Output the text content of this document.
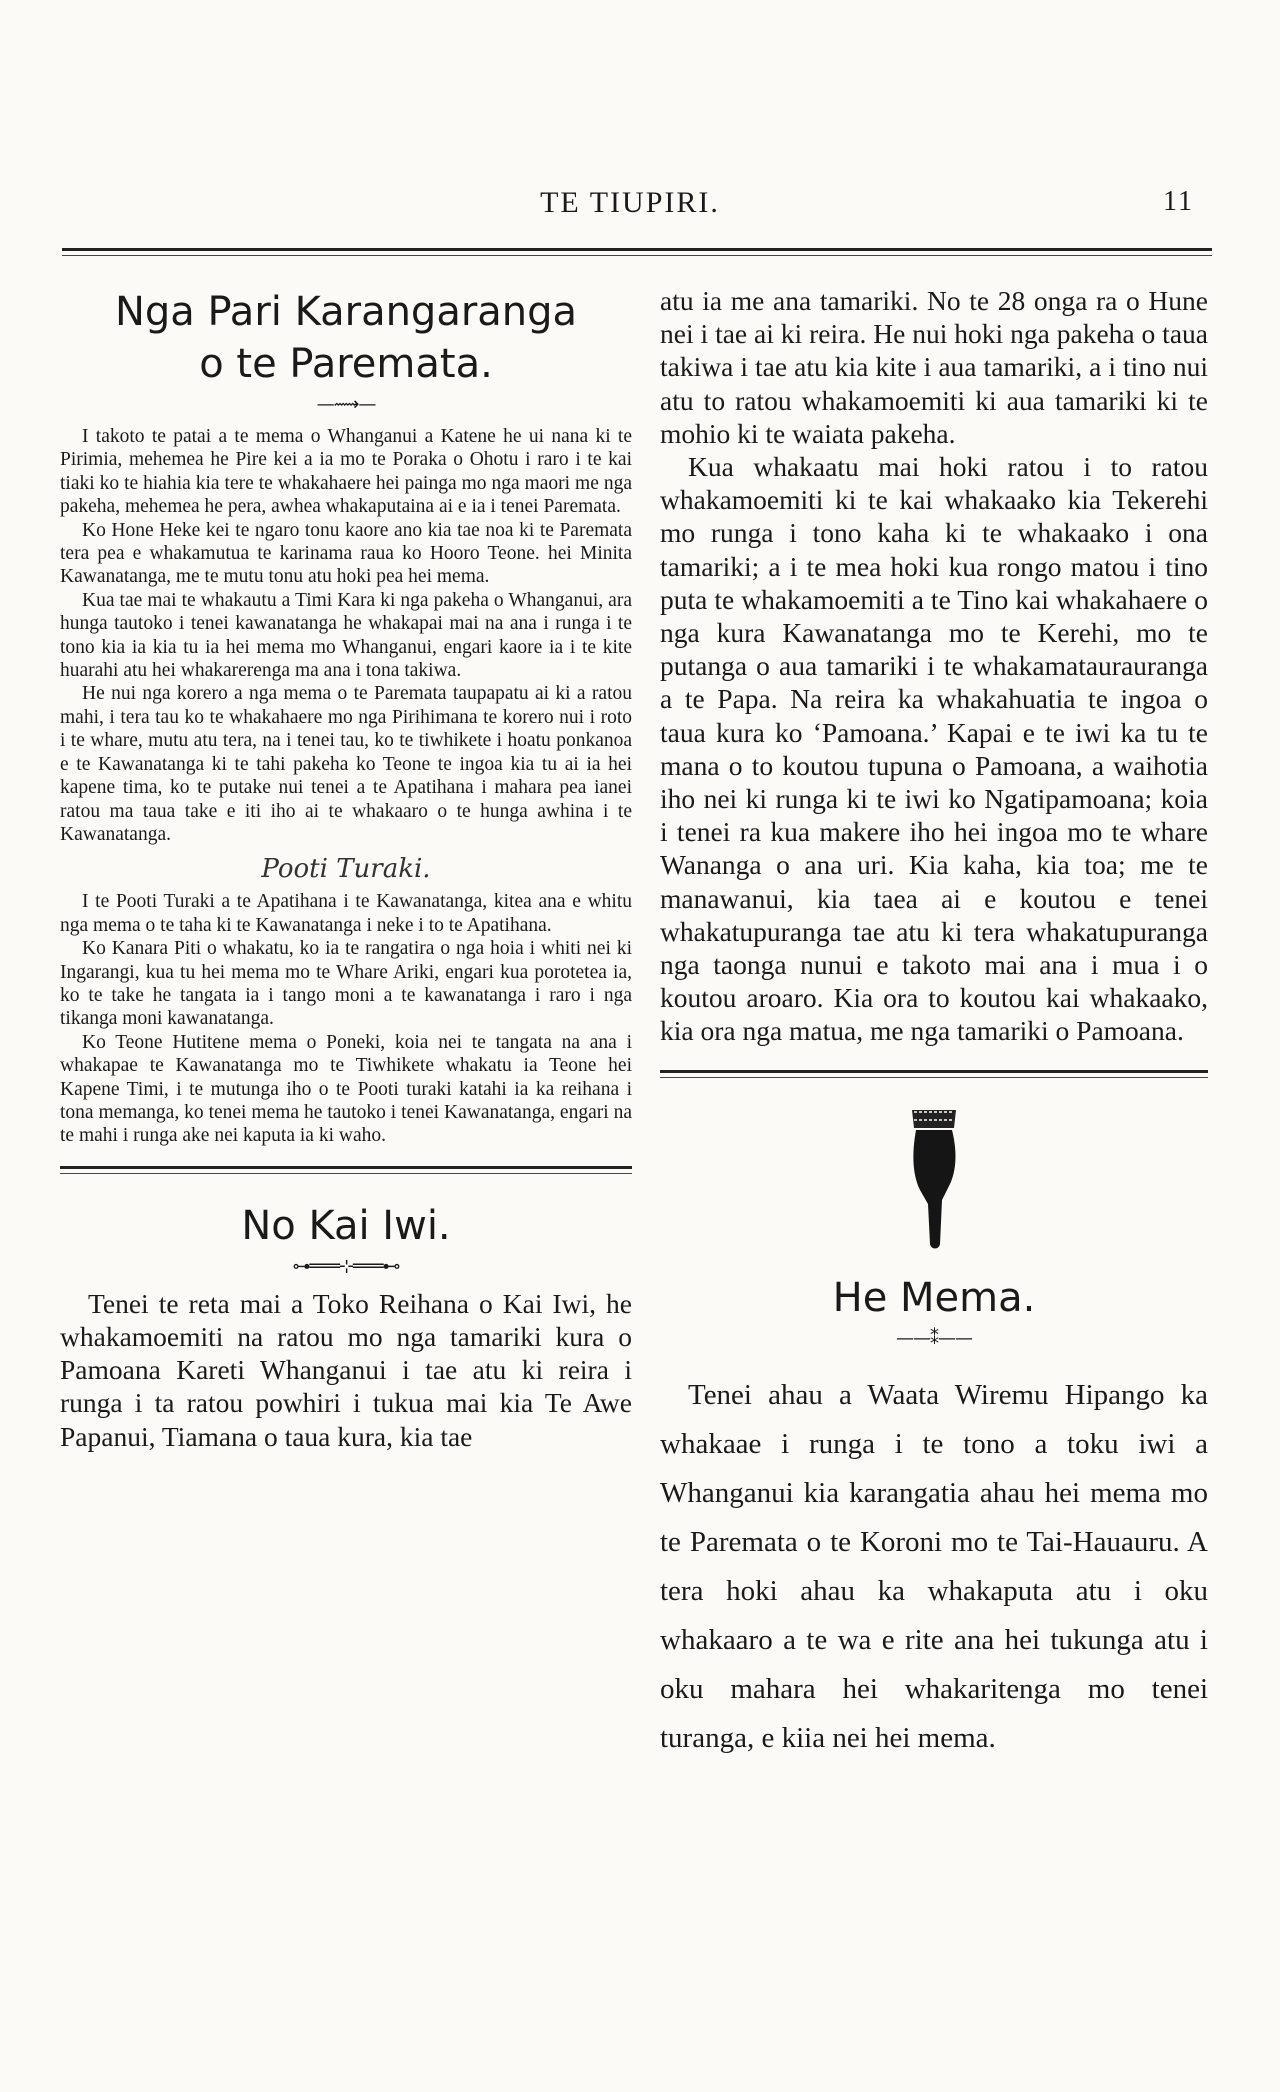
TE TIUPIRI.	11
Nga Pari Karangaranga
o te Paremata.
—⟿—

I takoto te patai a te mema o Whanganui a Katene he ui nana ki te Pirimia, mehemea he Pire kei a ia mo te Poraka o Ohotu i raro i te kai tiaki ko te hiahia kia tere te whakahaere hei painga mo nga maori me nga pakeha, mehemea he pera, awhea whakaputaina ai e ia i tenei Paremata.

Ko Hone Heke kei te ngaro tonu kaore ano kia tae noa ki te Paremata tera pea e whakamutua te karinama raua ko Hooro Teone. hei Minita Kawanatanga, me te mutu tonu atu hoki pea hei mema.

Kua tae mai te whakautu a Timi Kara ki nga pakeha o Whanganui, ara hunga tautoko i tenei kawanatanga he whakapai mai na ana i runga i te tono kia ia kia tu ia hei mema mo Whanganui, engari kaore ia i te kite huarahi atu hei whakarerenga ma ana i tona takiwa.

He nui nga korero a nga mema o te Paremata taupapatu ai ki a ratou mahi, i tera tau ko te whakahaere mo nga Pirihimana te korero nui i roto i te whare, mutu atu tera, na i tenei tau, ko te tiwhikete i hoatu ponkanoa e te Kawanatanga ki te tahi pakeha ko Teone te ingoa kia tu ai ia hei kapene tima, ko te putake nui tenei a te Apatihana i mahara pea ianei ratou ma taua take e iti iho ai te whakaaro o te hunga awhina i te Kawanatanga.

Pooti Turaki.

I te Pooti Turaki a te Apatihana i te Kawanatanga, kitea ana e whitu nga mema o te taha ki te Kawanatanga i neke i to te Apatihana.

Ko Kanara Piti o whakatu, ko ia te rangatira o nga hoia i whiti nei ki Ingarangi, kua tu hei mema mo te Whare Ariki, engari kua porotetea ia, ko te take he tangata ia i tango moni a te kawanatanga i raro i nga tikanga moni kawanatanga.

Ko Teone Hutitene mema o Poneki, koia nei te tangata na ana i whakapae te Kawanatanga mo te Tiwhikete whakatu ia Teone hei Kapene Timi, i te mutunga iho o te Pooti turaki katahi ia ka reihana i tona memanga, ko tenei mema he tautoko i tenei Kawanatanga, engari na te mahi i runga ake nei kaputa ia ki waho.

No Kai Iwi.
⊶═══⊹═══⊷

Tenei te reta mai a Toko Reihana o Kai Iwi, he whakamoemiti na ratou mo nga tamariki kura o Pamoana Kareti Whanganui i tae atu ki reira i runga i ta ratou powhiri i tukua mai kia Te Awe Papanui, Tiamana o taua kura, kia tae

atu ia me ana tamariki. No te 28 onga ra o Hune nei i tae ai ki reira. He nui hoki nga pakeha o taua takiwa i tae atu kia kite i aua tamariki, a i tino nui atu to ratou whakamoemiti ki aua tamariki ki te mohio ki te waiata pakeha.

Kua whakaatu mai hoki ratou i to ratou whakamoemiti ki te kai whakaako kia Tekerehi mo runga i tono kaha ki te whakaako i ona tamariki; a i te mea hoki kua rongo matou i tino puta te whakamoemiti a te Tino kai whakahaere o nga kura Kawanatanga mo te Kerehi, mo te putanga o aua tamariki i te whakamataurauranga a te Papa. Na reira ka whakahuatia te ingoa o taua kura ko ‘Pamoana.’ Kapai e te iwi ka tu te mana o to koutou tupuna o Pamoana, a waihotia iho nei ki runga ki te iwi ko Ngatipamoana; koia i tenei ra kua makere iho hei ingoa mo te whare Wananga o ana uri. Kia kaha, kia toa; me te manawanui, kia taea ai e koutou e tenei whakatupuranga tae atu ki tera whakatupuranga nga taonga nunui e takoto mai ana i mua i o koutou aroaro. Kia ora to koutou kai whakaako, kia ora nga matua, me nga tamariki o Pamoana.

He Mema.
——⁑——

Tenei ahau a Waata Wiremu Hipango ka whakaae i runga i te tono a toku iwi a Whanganui kia karangatia ahau hei mema mo te Paremata o te Koroni mo te Tai-Hauauru. A tera hoki ahau ka whakaputa atu i oku whakaaro a te wa e rite ana hei tukunga atu i oku mahara hei whakaritenga mo tenei turanga, e kiia nei hei mema.
